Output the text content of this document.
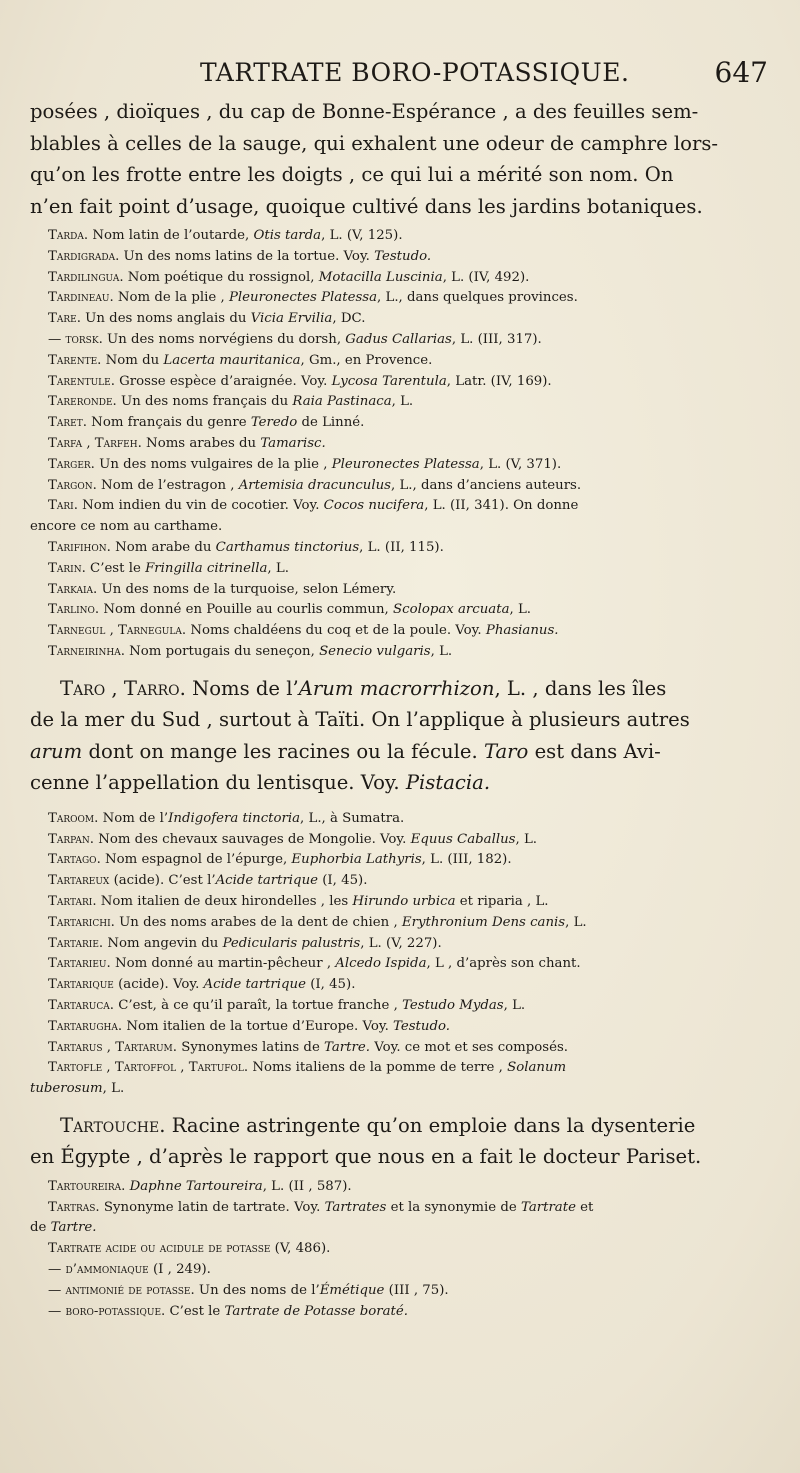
TARTRATE BORO-POTASSIQUE.	647

posées , dioïques , du cap de Bonne-Espérance , a des feuilles sem-

blables à celles de la sauge, qui exhalent une odeur de camphre lors-

qu’on les frotte entre les doigts , ce qui lui a mérité son nom. On

n’en fait point d’usage, quoique cultivé dans les jardins botaniques.

Tarda. Nom latin de l’outarde, Otis tarda, L. (V, 125).

Tardigrada. Un des noms latins de la tortue. Voy. Testudo.

Tardilingua. Nom poétique du rossignol, Motacilla Luscinia, L. (IV, 492).

Tardineau. Nom de la plie , Pleuronectes Platessa, L., dans quelques provinces.

Tare. Un des noms anglais du Vicia Ervilia, DC.

— torsk. Un des noms norvégiens du dorsh, Gadus Callarias, L. (III, 317).

Tarente. Nom du Lacerta mauritanica, Gm., en Provence.

Tarentule. Grosse espèce d’araignée. Voy. Lycosa Tarentula, Latr. (IV, 169).

Tareronde. Un des noms français du Raia Pastinaca, L.

Taret. Nom français du genre Teredo de Linné.

Tarfa , Tarfeh. Noms arabes du Tamarisc.

Targer. Un des noms vulgaires de la plie , Pleuronectes Platessa, L. (V, 371).

Targon. Nom de l’estragon , Artemisia dracunculus, L., dans d’anciens auteurs.

Tari. Nom indien du vin de cocotier. Voy. Cocos nucifera, L. (II, 341). On donne

encore ce nom au carthame.

Tarifihon. Nom arabe du Carthamus tinctorius, L. (II, 115).

Tarin. C’est le Fringilla citrinella, L.

Tarkaia. Un des noms de la turquoise, selon Lémery.

Tarlino. Nom donné en Pouille au courlis commun, Scolopax arcuata, L.

Tarnegul , Tarnegula. Noms chaldéens du coq et de la poule. Voy. Phasianus.

Tarneirinha. Nom portugais du seneçon, Senecio vulgaris, L.

Taro , Tarro. Noms de l’Arum macrorrhizon, L. , dans les îles

de la mer du Sud , surtout à Taïti. On l’applique à plusieurs autres

arum dont on mange les racines ou la fécule. Taro est dans Avi-

cenne l’appellation du lentisque. Voy. Pistacia.

Taroom. Nom de l’Indigofera tinctoria, L., à Sumatra.

Tarpan. Nom des chevaux sauvages de Mongolie. Voy. Equus Caballus, L.

Tartago. Nom espagnol de l’épurge, Euphorbia Lathyris, L. (III, 182).

Tartareux (acide). C’est l’Acide tartrique (I, 45).

Tartari. Nom italien de deux hirondelles , les Hirundo urbica et riparia , L.

Tartarichi. Un des noms arabes de la dent de chien , Erythronium Dens canis, L.

Tartarie. Nom angevin du Pedicularis palustris, L. (V, 227).

Tartarieu. Nom donné au martin-pêcheur , Alcedo Ispida, L , d’après son chant.

Tartarique (acide). Voy. Acide tartrique (I, 45).

Tartaruca. C’est, à ce qu’il paraît, la tortue franche , Testudo Mydas, L.

Tartarugha. Nom italien de la tortue d’Europe. Voy. Testudo.

Tartarus , Tartarum. Synonymes latins de Tartre. Voy. ce mot et ses composés.

Tartofle , Tartoffol , Tartufol. Noms italiens de la pomme de terre , Solanum

tuberosum, L.

Tartouche. Racine astringente qu’on emploie dans la dysenterie

en Égypte , d’après le rapport que nous en a fait le docteur Pariset.

Tartoureira. Daphne Tartoureira, L. (II , 587).

Tartras. Synonyme latin de tartrate. Voy. Tartrates et la synonymie de Tartrate et

de Tartre.

Tartrate acide ou acidule de potasse (V, 486).

— d’ammoniaque (I , 249).

— antimonié de potasse. Un des noms de l’Émétique (III , 75).

— boro-potassique. C’est le Tartrate de Potasse boraté.
